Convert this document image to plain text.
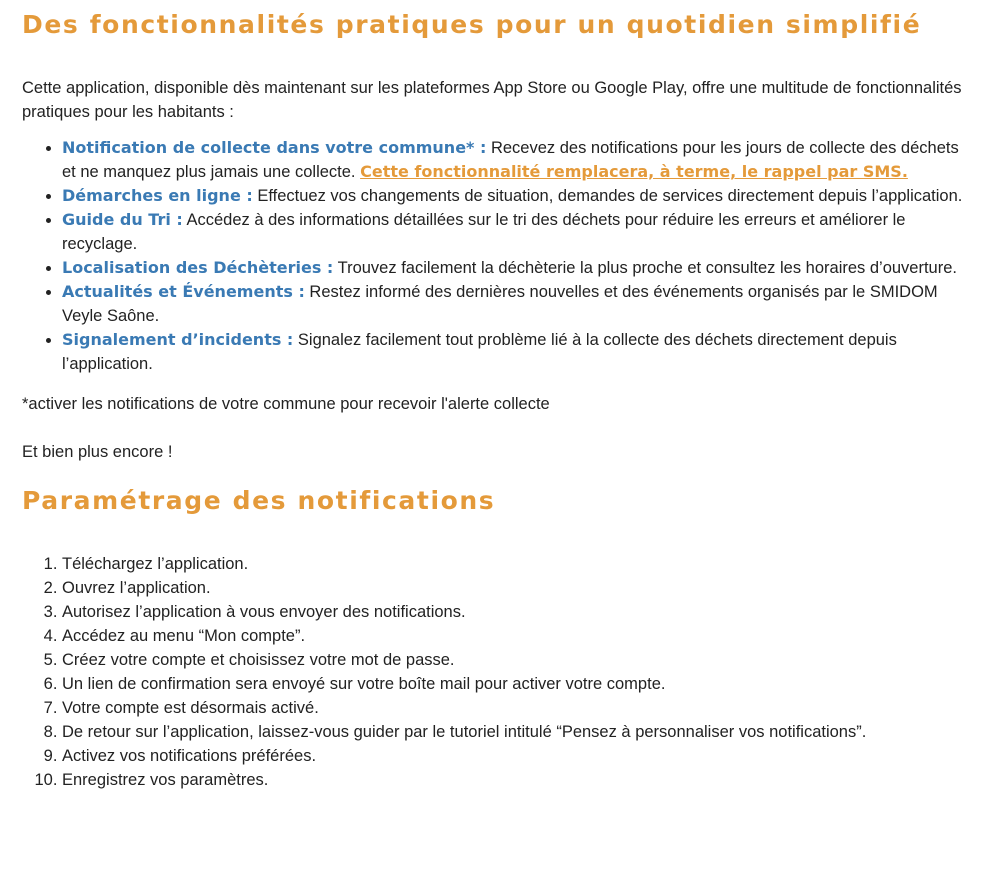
Des fonctionnalités pratiques pour un quotidien simplifié

Cette application, disponible dès maintenant sur les plateformes App Store ou Google Play, offre une multitude de fonctionnalités pratiques pour les habitants :

• Notification de collecte dans votre commune* : Recevez des notifications pour les jours de collecte des déchets et ne manquez plus jamais une collecte. Cette fonctionnalité remplacera, à terme, le rappel par SMS.
• Démarches en ligne : Effectuez vos changements de situation, demandes de services directement depuis l’application.
• Guide du Tri : Accédez à des informations détaillées sur le tri des déchets pour réduire les erreurs et améliorer le recyclage.
• Localisation des Déchèteries : Trouvez facilement la déchèterie la plus proche et consultez les horaires d’ouverture.
• Actualités et Événements : Restez informé des dernières nouvelles et des événements organisés par le SMIDOM Veyle Saône.
• Signalement d’incidents : Signalez facilement tout problème lié à la collecte des déchets directement depuis l’application.

*activer les notifications de votre commune pour recevoir l'alerte collecte

Et bien plus encore !

Paramétrage des notifications
1. Téléchargez l’application.
2. Ouvrez l’application.
3. Autorisez l’application à vous envoyer des notifications.
4. Accédez au menu “Mon compte”.
5. Créez votre compte et choisissez votre mot de passe.
6. Un lien de confirmation sera envoyé sur votre boîte mail pour activer votre compte.
7. Votre compte est désormais activé.
8. De retour sur l’application, laissez-vous guider par le tutoriel intitulé “Pensez à personnaliser vos notifications”.
9. Activez vos notifications préférées.
10. Enregistrez vos paramètres.
